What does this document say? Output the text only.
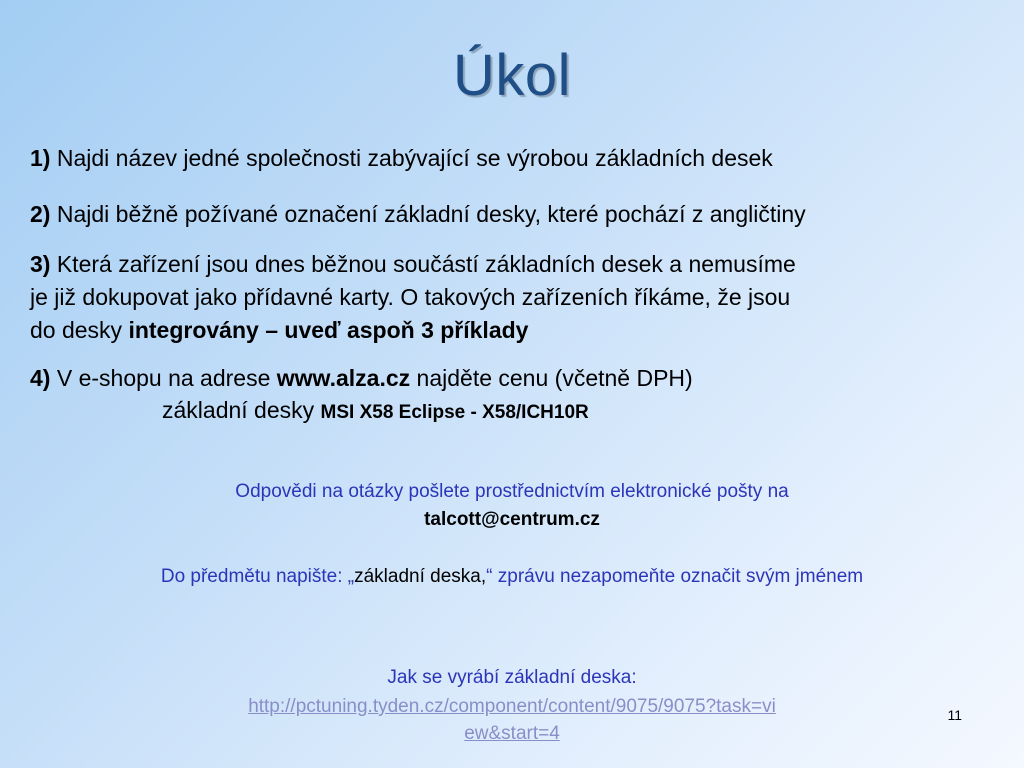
Úkol
1) Najdi název jedné společnosti zabývající se výrobou základních desek
2) Najdi běžně požívané označení základní desky, které pochází z angličtiny
3) Která zařízení jsou dnes běžnou součástí základních desek a nemusíme
je již dokupovat jako přídavné karty. O takových zařízeních říkáme, že jsou
do desky integrovány – uveď aspoň 3 příklady
4) V e-shopu na adrese www.alza.cz najděte cenu (včetně DPH)
základní desky MSI X58 Eclipse - X58/ICH10R
Odpovědi na otázky pošlete prostřednictvím elektronické pošty na
talcott@centrum.cz
Do předmětu napište: „základní deska,“ zprávu nezapomeňte označit svým jménem
Jak se vyrábí základní deska:
http://pctuning.tyden.cz/component/content/9075/9075?task=vi
ew&start=4
11
